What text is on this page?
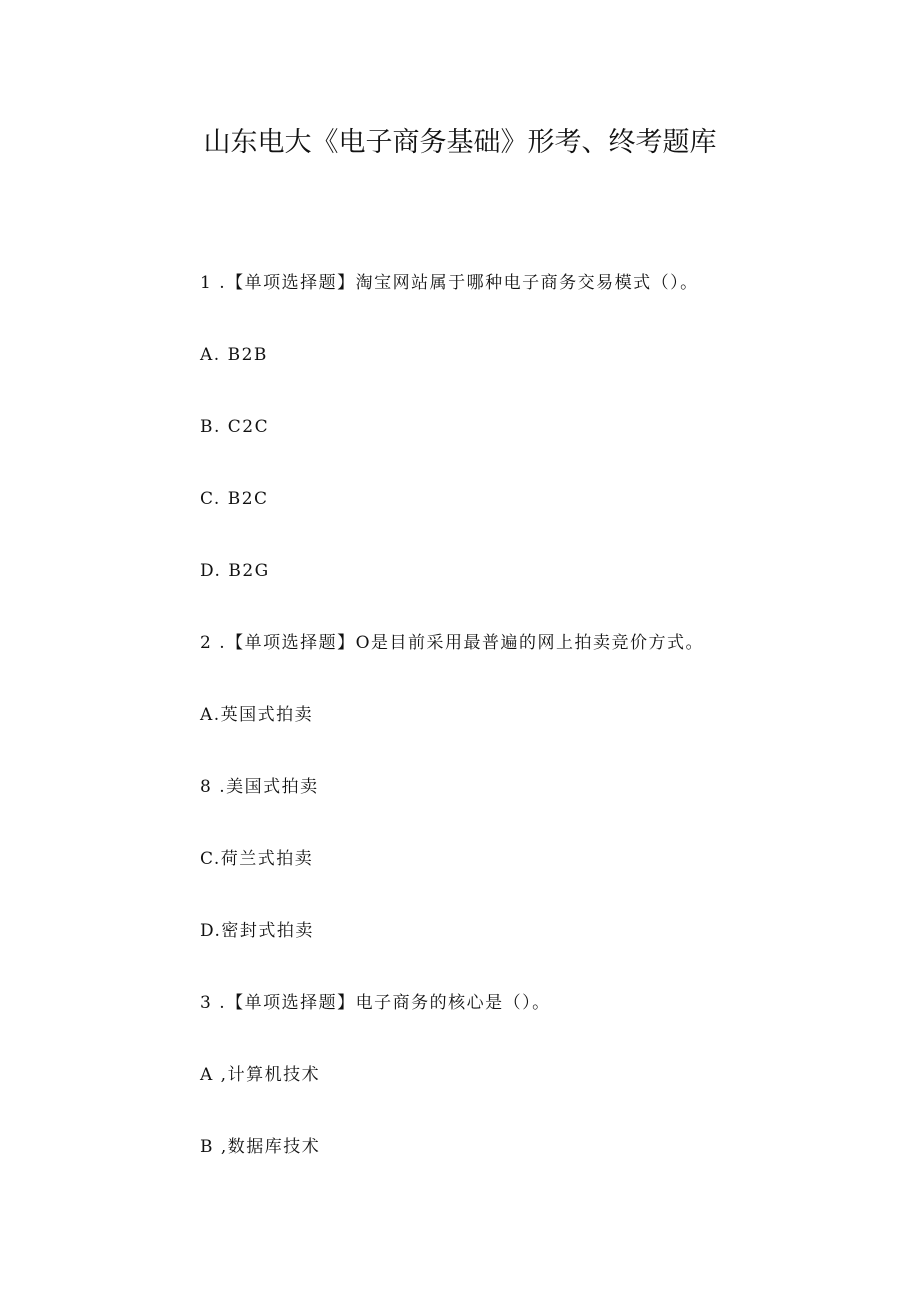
山东电大《电子商务基础》形考、终考题库
1 .【单项选择题】淘宝网站属于哪种电子商务交易模式（）。
A. B2B
B. C2C
C. B2C
D. B2G
2 .【单项选择题】O是目前采用最普遍的网上拍卖竞价方式。
A.英国式拍卖
8 .美国式拍卖
C.荷兰式拍卖
D.密封式拍卖
3 .【单项选择题】电子商务的核心是（）。
A ,计算机技术
B ,数据库技术
